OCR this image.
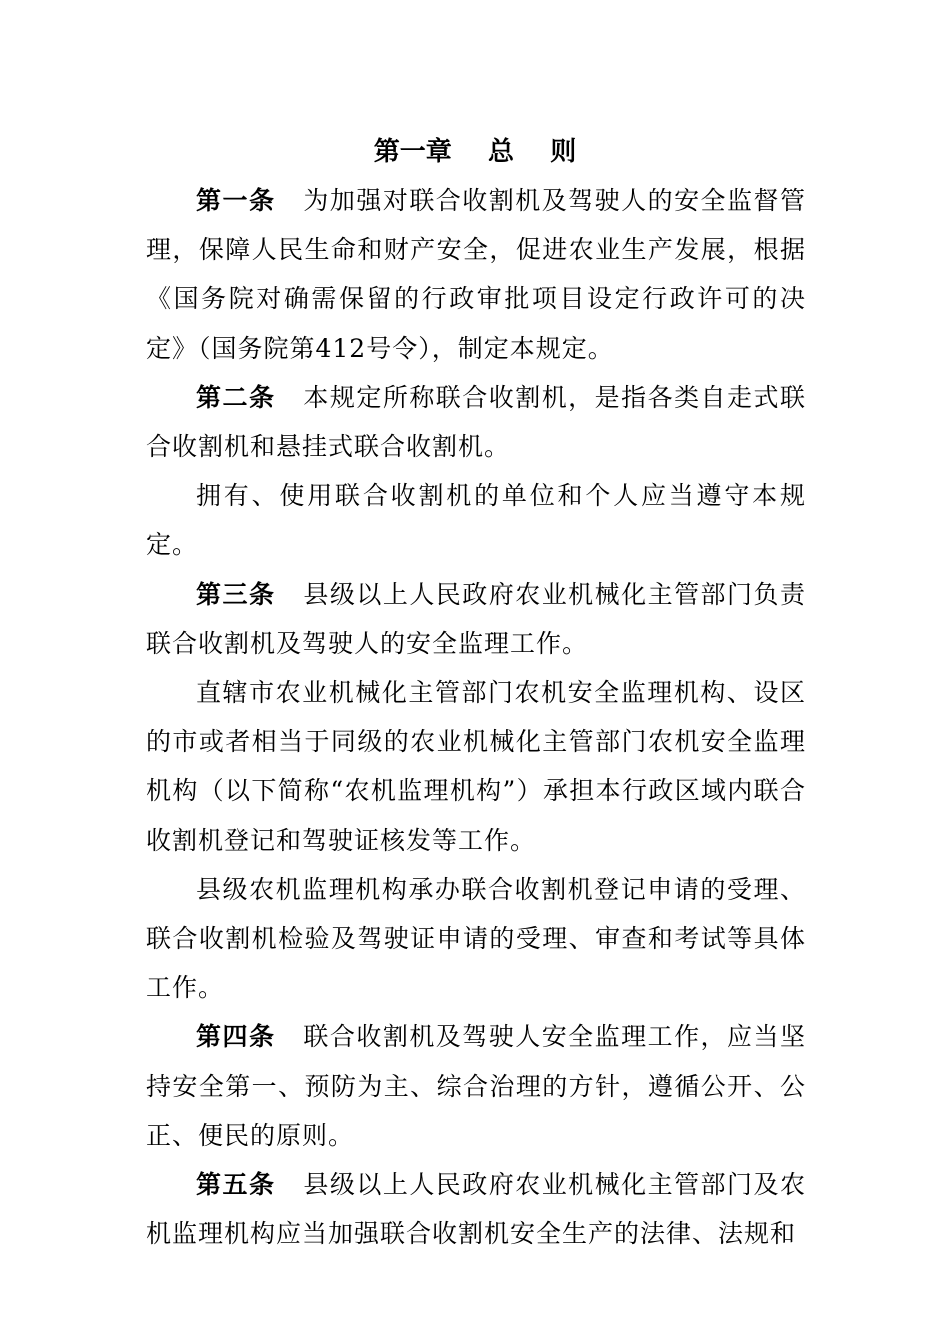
第一章    总    则

第一条 为加强对联合收割机及驾驶人的安全监督管理，保障人民生命和财产安全，促进农业生产发展，根据《国务院对确需保留的行政审批项目设定行政许可的决定》（国务院第412号令），制定本规定。

第二条 本规定所称联合收割机，是指各类自走式联合收割机和悬挂式联合收割机。

拥有、使用联合收割机的单位和个人应当遵守本规定。

第三条 县级以上人民政府农业机械化主管部门负责联合收割机及驾驶人的安全监理工作。

直辖市农业机械化主管部门农机安全监理机构、设区的市或者相当于同级的农业机械化主管部门农机安全监理机构（以下简称“农机监理机构”）承担本行政区域内联合收割机登记和驾驶证核发等工作。

县级农机监理机构承办联合收割机登记申请的受理、联合收割机检验及驾驶证申请的受理、审查和考试等具体工作。

第四条 联合收割机及驾驶人安全监理工作，应当坚持安全第一、预防为主、综合治理的方针，遵循公开、公正、便民的原则。

第五条 县级以上人民政府农业机械化主管部门及农机监理机构应当加强联合收割机安全生产的法律、法规和
